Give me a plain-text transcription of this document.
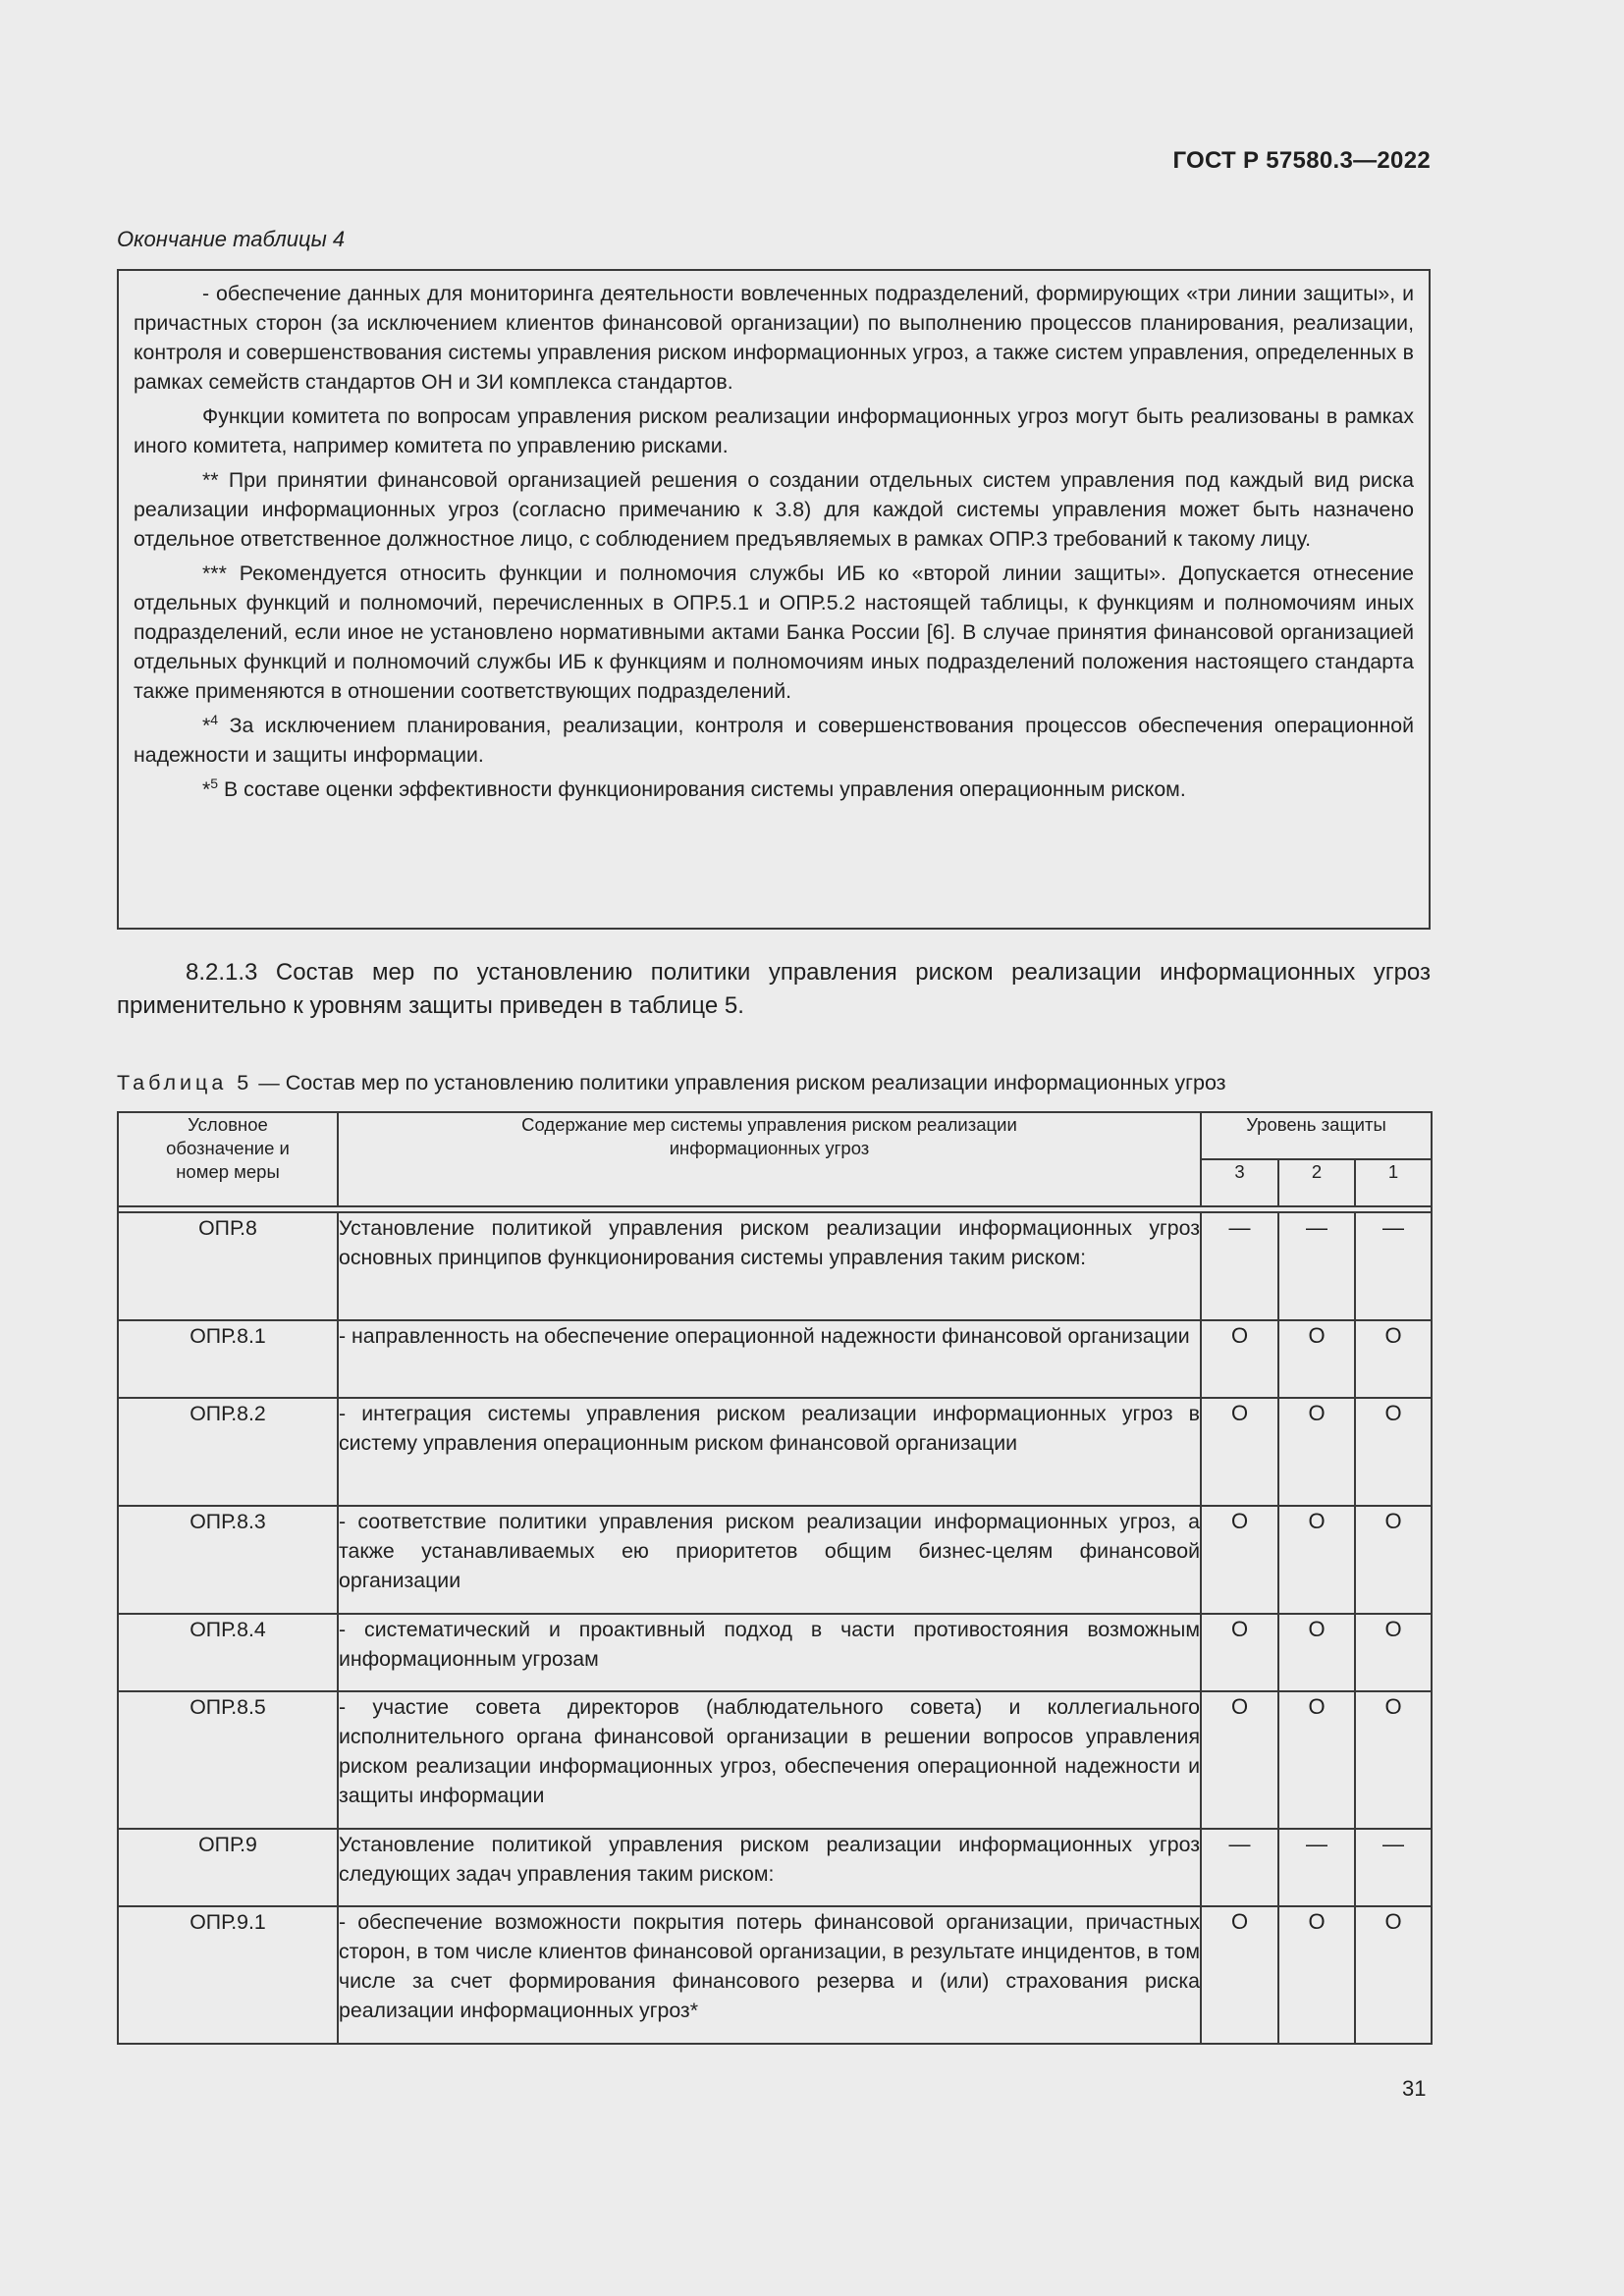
ГОСТ Р 57580.3—2022
Окончание таблицы 4

- обеспечение данных для мониторинга деятельности вовлеченных подразделений, формирующих «три линии защиты», и причастных сторон (за исключением клиентов финансовой организации) по выполнению процессов планирования, реализации, контроля и совершенствования системы управления риском информационных угроз, а также систем управления, определенных в рамках семейств стандартов ОН и ЗИ комплекса стандартов.

Функции комитета по вопросам управления риском реализации информационных угроз могут быть реализованы в рамках иного комитета, например комитета по управлению рисками.

** При принятии финансовой организацией решения о создании отдельных систем управления под каждый вид риска реализации информационных угроз (согласно примечанию к 3.8) для каждой системы управления может быть назначено отдельное ответственное должностное лицо, с соблюдением предъявляемых в рамках ОПР.3 требований к такому лицу.

*** Рекомендуется относить функции и полномочия службы ИБ ко «второй линии защиты». Допускается отнесение отдельных функций и полномочий, перечисленных в ОПР.5.1 и ОПР.5.2 настоящей таблицы, к функциям и полномочиям иных подразделений, если иное не установлено нормативными актами Банка России [6]. В случае принятия финансовой организацией отдельных функций и полномочий службы ИБ к функциям и полномочиям иных подразделений положения настоящего стандарта также применяются в отношении соответствующих подразделений.

*$^4$ За исключением планирования, реализации, контроля и совершенствования процессов обеспечения операционной надежности и защиты информации.

*$^5$ В составе оценки эффективности функционирования системы управления операционным риском.

8.2.1.3 Состав мер по установлению политики управления риском реализации информационных угроз применительно к уровням защиты приведен в таблице 5.

Таблица 5 — Состав мер по установлению политики управления риском реализации информационных угроз
Условное обозначение и номер меры	Содержание мер системы управления риском реализации информационных угроз	Уровень защиты		
		3	2	1

ОПР.8	Установление политикой управления риском реализации информационных угроз основных принципов функционирования системы управления таким риском:	—	—	—
ОПР.8.1	- направленность на обеспечение операционной надежности финансовой организации	О	О	О
ОПР.8.2	- интеграция системы управления риском реализации информационных угроз в систему управления операционным риском финансовой организации	О	О	О
ОПР.8.3	- соответствие политики управления риском реализации информационных угроз, а также устанавливаемых ею приоритетов общим бизнес-целям финансовой организации	О	О	О
ОПР.8.4	- систематический и проактивный подход в части противостояния возможным информационным угрозам	О	О	О
ОПР.8.5	- участие совета директоров (наблюдательного совета) и коллегиального исполнительного органа финансовой организации в решении вопросов управления риском реализации информационных угроз, обеспечения операционной надежности и защиты информации	О	О	О
ОПР.9	Установление политикой управления риском реализации информационных угроз следующих задач управления таким риском:	—	—	—
ОПР.9.1	- обеспечение возможности покрытия потерь финансовой организации, причастных сторон, в том числе клиентов финансовой организации, в результате инцидентов, в том числе за счет формирования финансового резерва и (или) страхования риска реализации информационных угроз*	О	О	О
31
